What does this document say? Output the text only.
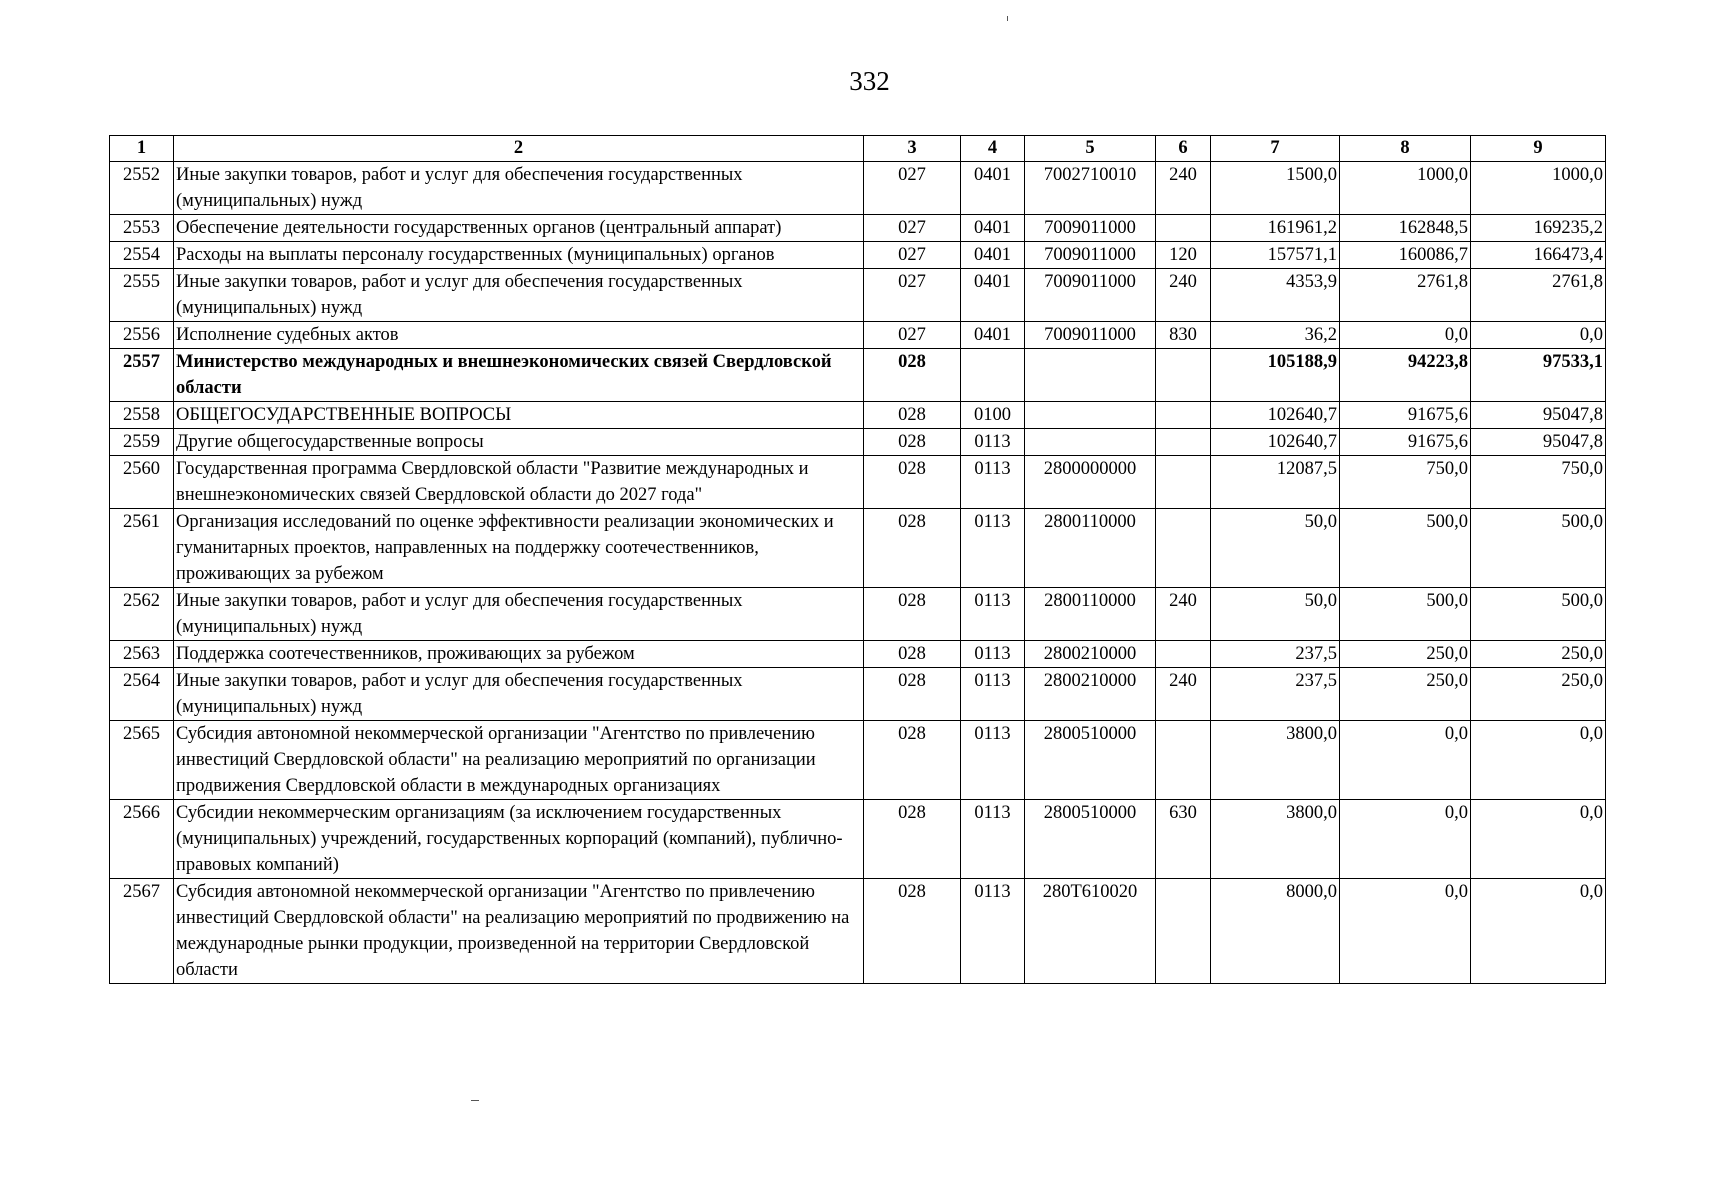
332
1	2	3	4	5	6	7	8	9
2552	Иные закупки товаров, работ и услуг для обеспечения государственных (муниципальных) нужд	027	0401	7002710010	240	1500,0	1000,0	1000,0
2553	Обеспечение деятельности государственных органов (центральный аппарат)	027	0401	7009011000		161961,2	162848,5	169235,2
2554	Расходы на выплаты персоналу государственных (муниципальных) органов	027	0401	7009011000	120	157571,1	160086,7	166473,4
2555	Иные закупки товаров, работ и услуг для обеспечения государственных (муниципальных) нужд	027	0401	7009011000	240	4353,9	2761,8	2761,8
2556	Исполнение судебных актов	027	0401	7009011000	830	36,2	0,0	0,0
2557	Министерство международных и внешнеэкономических связей Свердловской области	028				105188,9	94223,8	97533,1
2558	ОБЩЕГОСУДАРСТВЕННЫЕ ВОПРОСЫ	028	0100			102640,7	91675,6	95047,8
2559	Другие общегосударственные вопросы	028	0113			102640,7	91675,6	95047,8
2560	Государственная программа Свердловской области "Развитие международных и внешнеэкономических связей Свердловской области до 2027 года"	028	0113	2800000000		12087,5	750,0	750,0
2561	Организация исследований по оценке эффективности реализации экономических и гуманитарных проектов, направленных на поддержку соотечественников, проживающих за рубежом	028	0113	2800110000		50,0	500,0	500,0
2562	Иные закупки товаров, работ и услуг для обеспечения государственных (муниципальных) нужд	028	0113	2800110000	240	50,0	500,0	500,0
2563	Поддержка соотечественников, проживающих за рубежом	028	0113	2800210000		237,5	250,0	250,0
2564	Иные закупки товаров, работ и услуг для обеспечения государственных (муниципальных) нужд	028	0113	2800210000	240	237,5	250,0	250,0
2565	Субсидия автономной некоммерческой организации "Агентство по привлечению инвестиций Свердловской области" на реализацию мероприятий по организации продвижения Свердловской области в международных организациях	028	0113	2800510000		3800,0	0,0	0,0
2566	Субсидии некоммерческим организациям (за исключением государственных (муниципальных) учреждений, государственных корпораций (компаний), публично-правовых компаний)	028	0113	2800510000	630	3800,0	0,0	0,0
2567	Субсидия автономной некоммерческой организации "Агентство по привлечению инвестиций Свердловской области" на реализацию мероприятий по продвижению на международные рынки продукции, произведенной на территории Свердловской области	028	0113	280T610020		8000,0	0,0	0,0
